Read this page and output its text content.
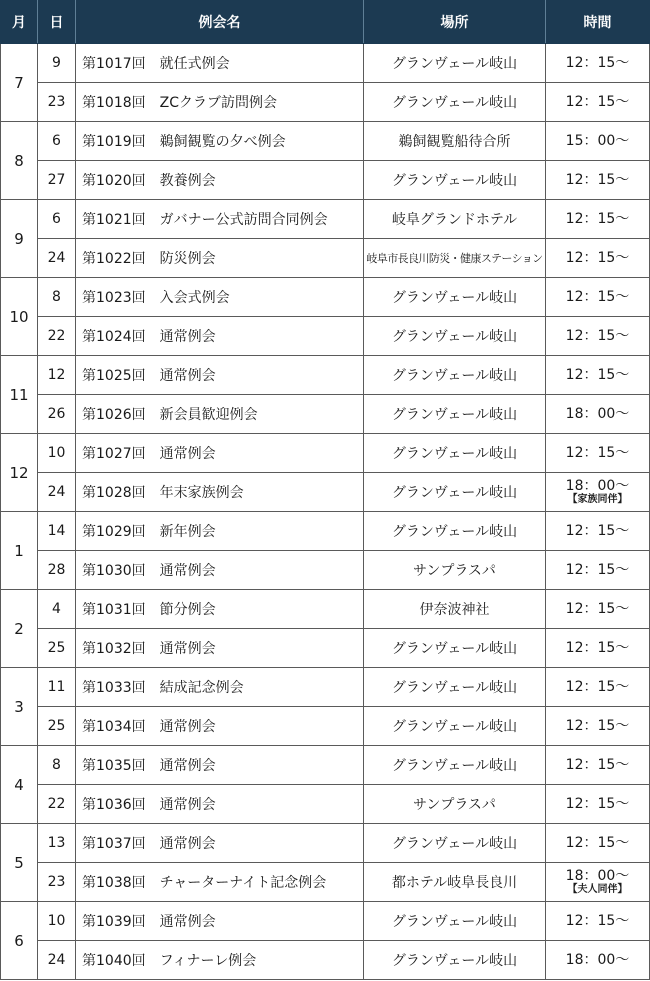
月	日	例会名	場所	時間
7	9	第1017回　 就任式例会	グランヴェール岐山	12：15～

	23	第1018回　 ZCクラブ訪問例会	グランヴェール岐山	12：15～

8	6	第1019回　 鵜飼観覧の夕べ例会	鵜飼観覧船待合所	15：00～

	27	第1020回　 教養例会	グランヴェール岐山	12：15～

9	6	第1021回　 ガバナー公式訪問合同例会	岐阜グランドホテル	12：15～

	24	第1022回　 防災例会	岐阜市長良川防災・健康ステーション	12：15～

10	8	第1023回　 入会式例会	グランヴェール岐山	12：15～

	22	第1024回　 通常例会	グランヴェール岐山	12：15～

11	12	第1025回　 通常例会	グランヴェール岐山	12：15～

	26	第1026回　 新会員歓迎例会	グランヴェール岐山	18：00～

12	10	第1027回　 通常例会	グランヴェール岐山	12：15～

	24	第1028回　 年末家族例会	グランヴェール岐山	18：00～
【家族同伴】

1	14	第1029回　 新年例会	グランヴェール岐山	12：15～

	28	第1030回　 通常例会	サンプラスパ	12：15～

2	4	第1031回　 節分例会	伊奈波神社	12：15～

	25	第1032回　 通常例会	グランヴェール岐山	12：15～

3	11	第1033回　 結成記念例会	グランヴェール岐山	12：15～

	25	第1034回　 通常例会	グランヴェール岐山	12：15～

4	8	第1035回　 通常例会	グランヴェール岐山	12：15～

	22	第1036回　 通常例会	サンプラスパ	12：15～

5	13	第1037回　 通常例会	グランヴェール岐山	12：15～

	23	第1038回　 チャーターナイト記念例会	都ホテル岐阜長良川	18：00～
【夫人同伴】

6	10	第1039回　 通常例会	グランヴェール岐山	12：15～

	24	第1040回　 フィナーレ例会	グランヴェール岐山	18：00～
